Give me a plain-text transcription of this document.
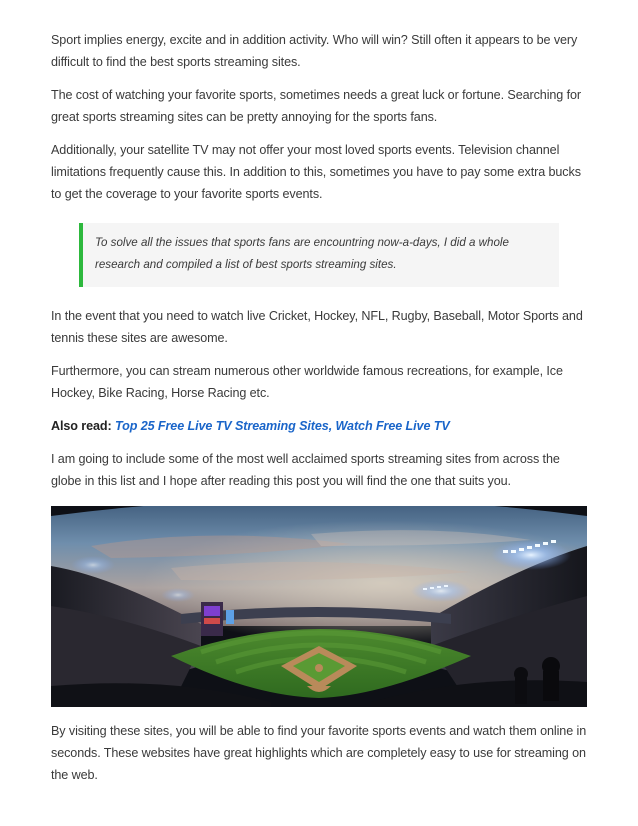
Sport implies energy, excite and in addition activity. Who will win? Still often it appears to be very difficult to find the best sports streaming sites.

The cost of watching your favorite sports, sometimes needs a great luck or fortune. Searching for great sports streaming sites can be pretty annoying for the sports fans.

Additionally, your satellite TV may not offer your most loved sports events. Television channel limitations frequently cause this. In addition to this, sometimes you have to pay some extra bucks to get the coverage to your favorite sports events.

To solve all the issues that sports fans are encountring now-a-days, I did a whole research and compiled a list of best sports streaming sites.

In the event that you need to watch live Cricket, Hockey, NFL, Rugby, Baseball, Motor Sports and tennis these sites are awesome.

Furthermore, you can stream numerous other worldwide famous recreations, for example, Ice Hockey, Bike Racing, Horse Racing etc.

Also read: Top 25 Free Live TV Streaming Sites, Watch Free Live TV

I am going to include some of the most well acclaimed sports streaming sites from across the globe in this list and I hope after reading this post you will find the one that suits you.

By visiting these sites, you will be able to find your favorite sports events and watch them online in seconds. These websites have great highlights which are completely easy to use for streaming on the web.
